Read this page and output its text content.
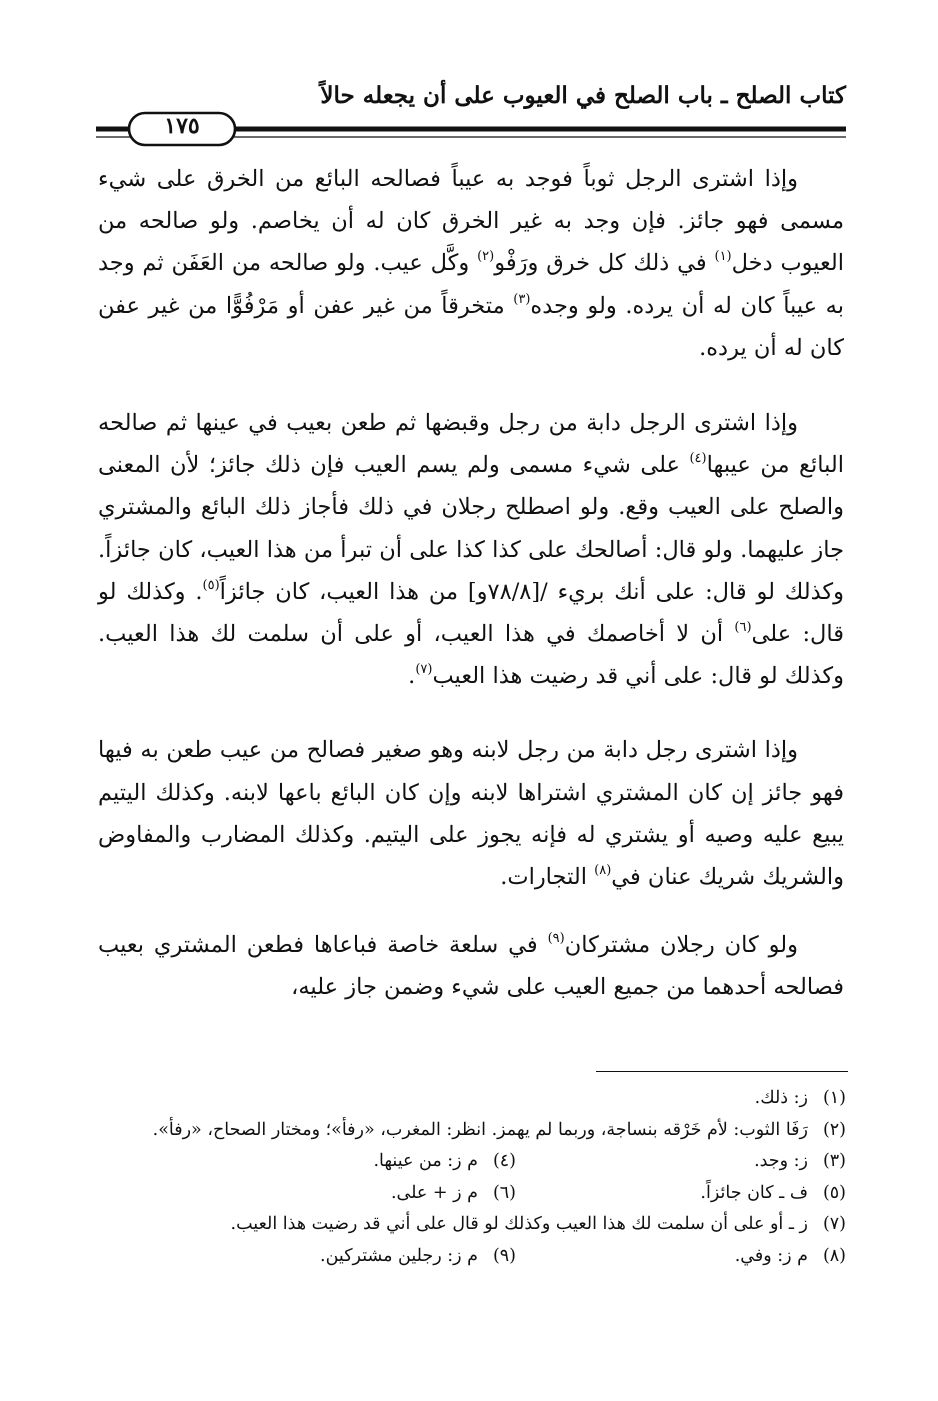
كتاب الصلح ـ باب الصلح في العيوب على أن يجعله حالاً
١٧٥

وإذا اشترى الرجل ثوباً فوجد به عيباً فصالحه البائع من الخرق على شيء مسمى فهو جائز. فإن وجد به غير الخرق كان له أن يخاصم. ولو صالحه من العيوب دخل$^{(١)}$ في ذلك كل خرق ورَفْو$^{(٢)}$ وكَّل عيب. ولو صالحه من العَفَن ثم وجد به عيباً كان له أن يرده. ولو وجده$^{(٣)}$ متخرقاً من غير عفن أو مَرْفُوًّا من غير عفن كان له أن يرده.

وإذا اشترى الرجل دابة من رجل وقبضها ثم طعن بعيب في عينها ثم صالحه البائع من عيبها$^{(٤)}$ على شيء مسمى ولم يسم العيب فإن ذلك جائز؛ لأن المعنى والصلح على العيب وقع. ولو اصطلح رجلان في ذلك فأجاز ذلك البائع والمشتري جاز عليهما. ولو قال: أصالحك على كذا كذا على أن تبرأ من هذا العيب، كان جائزاً. وكذلك لو قال: على أنك بريء /[٧٨/٨و] من هذا العيب، كان جائزاً$^{(٥)}$. وكذلك لو قال: على$^{(٦)}$ أن لا أخاصمك في هذا العيب، أو على أن سلمت لك هذا العيب. وكذلك لو قال: على أني قد رضيت هذا العيب$^{(٧)}$.

وإذا اشترى رجل دابة من رجل لابنه وهو صغير فصالح من عيب طعن به فيها فهو جائز إن كان المشتري اشتراها لابنه وإن كان البائع باعها لابنه. وكذلك اليتيم يبيع عليه وصيه أو يشتري له فإنه يجوز على اليتيم. وكذلك المضارب والمفاوض والشريك شريك عنان في$^{(٨)}$ التجارات.

ولو كان رجلان مشتركان$^{(٩)}$ في سلعة خاصة فباعاها فطعن المشتري بعيب فصالحه أحدهما من جميع العيب على شيء وضمن جاز عليه،

(١)
ز: ذلك.
(٢)
رَفَا الثوب: لأم خَرْقه بنساجة، وربما لم يهمز. انظر: المغرب، «رفأ»؛ ومختار الصحاح، «رفأ».
(٣)
ز: وجد.
(٤)
م ز: من عينها.
(٥)
ف ـ كان جائزاً.
(٦)
م ز + على.
(٧)
ز ـ أو على أن سلمت لك هذا العيب وكذلك لو قال على أني قد رضيت هذا العيب.
(٨)
م ز: وفي.
(٩)
م ز: رجلين مشتركين.
